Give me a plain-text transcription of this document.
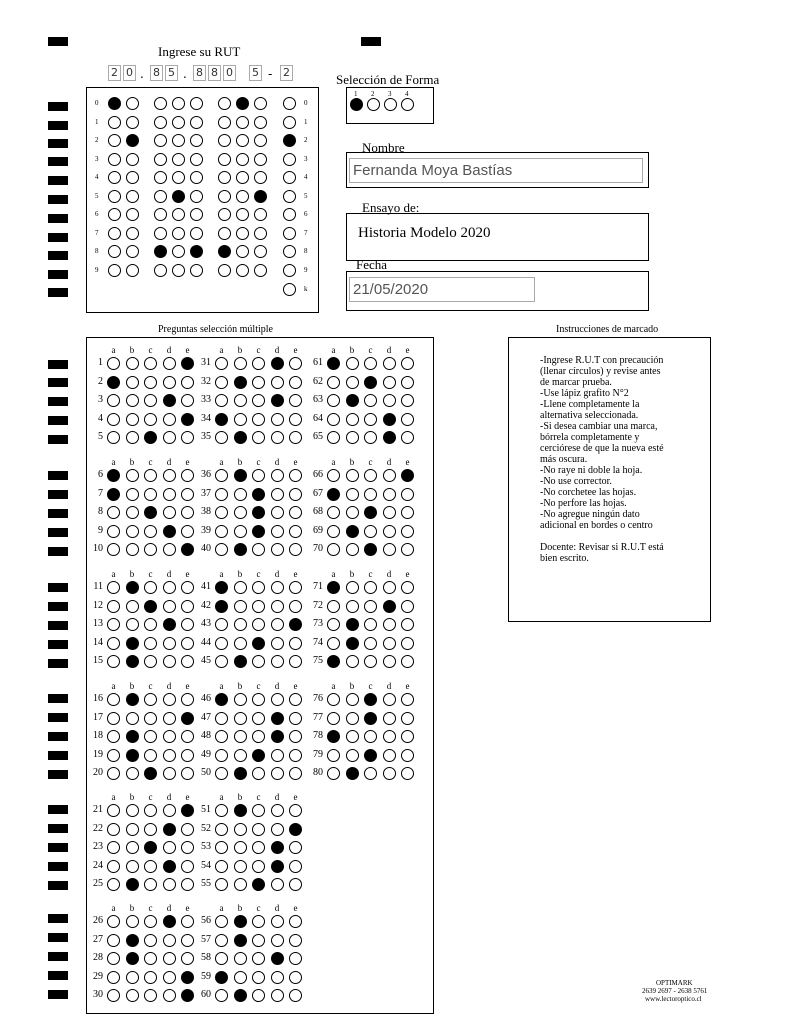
Ingrese su RUT
2 0 8 5 8 8 0 5 2
.	.	-
0	0
1	1
2	2
3	3
4	4
5	5
6	6
7	7
8	8
9	9
k
Selección de Forma
1 2 3 4
Nombre
Fernanda Moya Bastías
Ensayo de:
Historia Modelo 2020
Fecha
21/05/2020
Preguntas selección múltiple
a	b	c	d	e
1
2
3
4
5
a	b	c	d	e
6
7
8
9
10
a	b	c	d	e
11
12
13
14
15
a	b	c	d	e
16
17
18
19
20
a	b	c	d	e
21
22
23
24
25
a	b	c	d	e
26
27
28
29
30
a	b	c	d	e
31
32
33
34
35
a	b	c	d	e
36
37
38
39
40
a	b	c	d	e
41
42
43
44
45
a	b	c	d	e
46
47
48
49
50
a	b	c	d	e
51
52
53
54
55
a	b	c	d	e
56
57
58
59
60
a	b	c	d	e
61
62
63
64
65
a	b	c	d	e
66
67
68
69
70
a	b	c	d	e
71
72
73
74
75
a	b	c	d	e
76
77
78
79
80
Instrucciones de marcado
-Ingrese R.U.T con precaución
(llenar círculos) y revise antes
de marcar prueba.
-Use lápiz grafito N°2
-Llene completamente la
alternativa seleccionada.
-Si desea cambiar una marca,
bórrela completamente y
cerciórese de que la nueva esté
más oscura.
-No raye ni doble la hoja.
-No use corrector.
-No corchetee las hojas.
-No perfore las hojas.
-No agregue ningún dato
adicional en bordes o centro

Docente: Revisar si R.U.T está
bien escrito.
OPTIMARK
2639 2697 - 2638 5761
www.lectoroptico.cl
